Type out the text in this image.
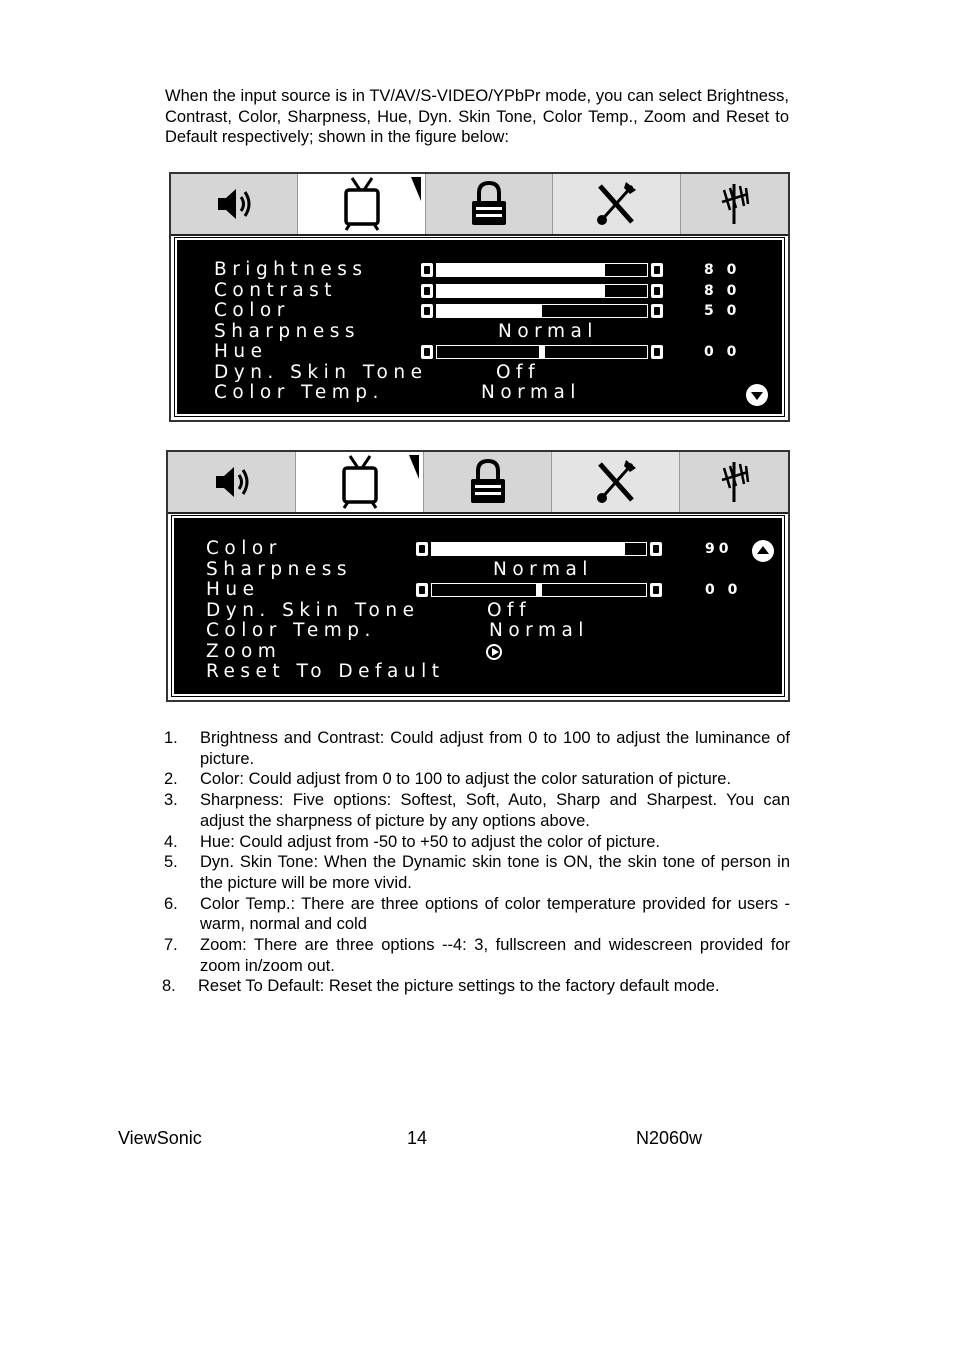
When the input source is in TV/AV/S-VIDEO/YPbPr mode, you can select Brightness, Contrast, Color, Sharpness, Hue, Dyn. Skin Tone, Color Temp., Zoom and Reset to Default respectively; shown in the figure below:

Brightness	8 0
Contrast	8 0
Color	5 0
Sharpness	Normal
Hue	0 0
Dyn. Skin Tone	Off
Color Temp.	Normal
Color	90
Sharpness	Normal
Hue	0 0
Dyn. Skin Tone	Off
Color Temp.	Normal
Zoom
Reset To Default
1. Brightness and Contrast: Could adjust from 0 to 100 to adjust the luminance of picture.
2. Color: Could adjust from 0 to 100 to adjust the color saturation of picture.
3. Sharpness: Five options: Softest, Soft, Auto, Sharp and Sharpest. You can adjust the sharpness of picture by any options above.
4. Hue: Could adjust from -50 to +50 to adjust the color of picture.
5. Dyn. Skin Tone: When the Dynamic skin tone is ON, the skin tone of person in the picture will be more vivid.
6. Color Temp.: There are three options of color temperature provided for users - warm, normal and cold
7. Zoom: There are three options --4: 3, fullscreen and widescreen provided for zoom in/zoom out.
8. Reset To Default: Reset the picture settings to the factory default mode.
ViewSonic	14	N2060w
